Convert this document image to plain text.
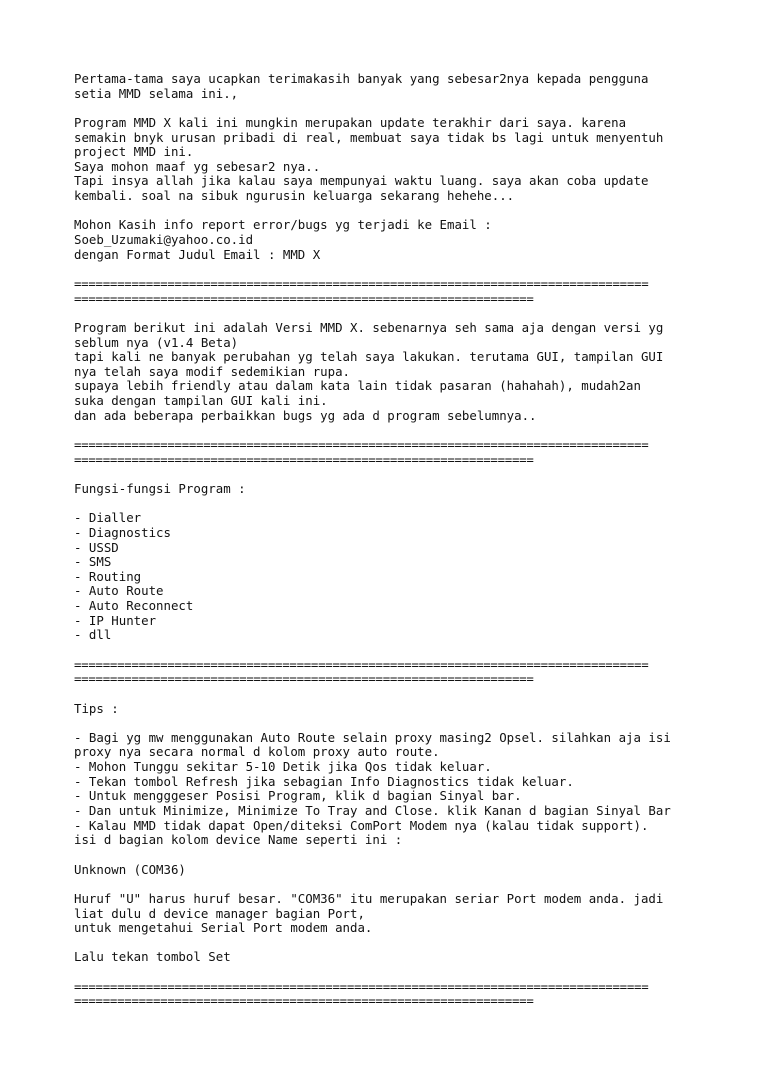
Pertama-tama saya ucapkan terimakasih banyak yang sebesar2nya kepada pengguna
setia MMD selama ini.,
Program MMD X kali ini mungkin merupakan update terakhir dari saya. karena
semakin bnyk urusan pribadi di real, membuat saya tidak bs lagi untuk menyentuh
project MMD ini.
Saya mohon maaf yg sebesar2 nya..
Tapi insya allah jika kalau saya mempunyai waktu luang. saya akan coba update
kembali. soal na sibuk ngurusin keluarga sekarang hehehe...
Mohon Kasih info report error/bugs yg terjadi ke Email :
Soeb_Uzumaki@yahoo.co.id
dengan Format Judul Email : MMD X
================================================================================
================================================================
Program berikut ini adalah Versi MMD X. sebenarnya seh sama aja dengan versi yg
seblum nya (v1.4 Beta)
tapi kali ne banyak perubahan yg telah saya lakukan. terutama GUI, tampilan GUI
nya telah saya modif sedemikian rupa.
supaya lebih friendly atau dalam kata lain tidak pasaran (hahahah), mudah2an
suka dengan tampilan GUI kali ini.
dan ada beberapa perbaikkan bugs yg ada d program sebelumnya..
================================================================================
================================================================
Fungsi-fungsi Program :
- Dialler
- Diagnostics
- USSD
- SMS
- Routing
- Auto Route
- Auto Reconnect
- IP Hunter
- dll
================================================================================
================================================================
Tips :
- Bagi yg mw menggunakan Auto Route selain proxy masing2 Opsel. silahkan aja isi
proxy nya secara normal d kolom proxy auto route.
- Mohon Tunggu sekitar 5-10 Detik jika Qos tidak keluar.
- Tekan tombol Refresh jika sebagian Info Diagnostics tidak keluar.
- Untuk mengggeser Posisi Program, klik d bagian Sinyal bar.
- Dan untuk Minimize, Minimize To Tray and Close. klik Kanan d bagian Sinyal Bar
- Kalau MMD tidak dapat Open/diteksi ComPort Modem nya (kalau tidak support).
isi d bagian kolom device Name seperti ini :
Unknown (COM36)
Huruf "U" harus huruf besar. "COM36" itu merupakan seriar Port modem anda. jadi
liat dulu d device manager bagian Port,
untuk mengetahui Serial Port modem anda.
Lalu tekan tombol Set
================================================================================
================================================================
